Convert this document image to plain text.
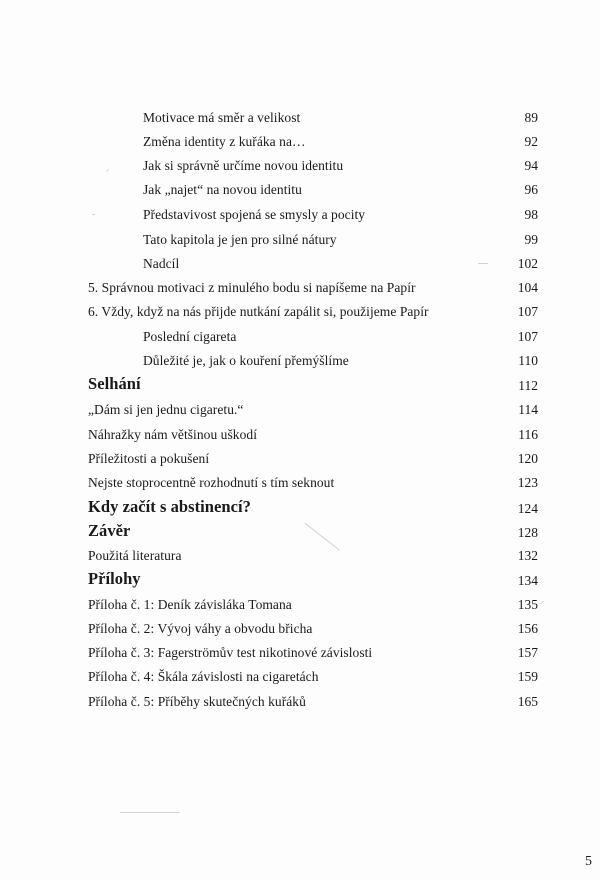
Motivace má směr a velikost	89
Změna identity z kuřáka na…	92
Jak si správně určíme novou identitu	94
Jak „najet“ na novou identitu	96
Představivost spojená se smysly a pocity	98
Tato kapitola je jen pro silné nátury	99
Nadcíl	102
5. Správnou motivaci z minulého bodu si napíšeme na Papír	104
6. Vždy, když na nás přijde nutkání zapálit si, použijeme Papír	107
Poslední cigareta	107
Důležité je, jak o kouření přemýšlíme	110
Selhání	112
„Dám si jen jednu cigaretu.“	114
Náhražky nám většinou uškodí	116
Příležitosti a pokušení	120
Nejste stoprocentně rozhodnutí s tím seknout	123
Kdy začít s abstinencí?	124
Závěr	128
Použitá literatura	132
Přílohy	134
Příloha č. 1: Deník závisláka Tomana	135
Příloha č. 2: Vývoj váhy a obvodu břicha	156
Příloha č. 3: Fagerströmův test nikotinové závislosti	157
Příloha č. 4: Škála závislosti na cigaretách	159
Příloha č. 5: Příběhy skutečných kuřáků	165
5
